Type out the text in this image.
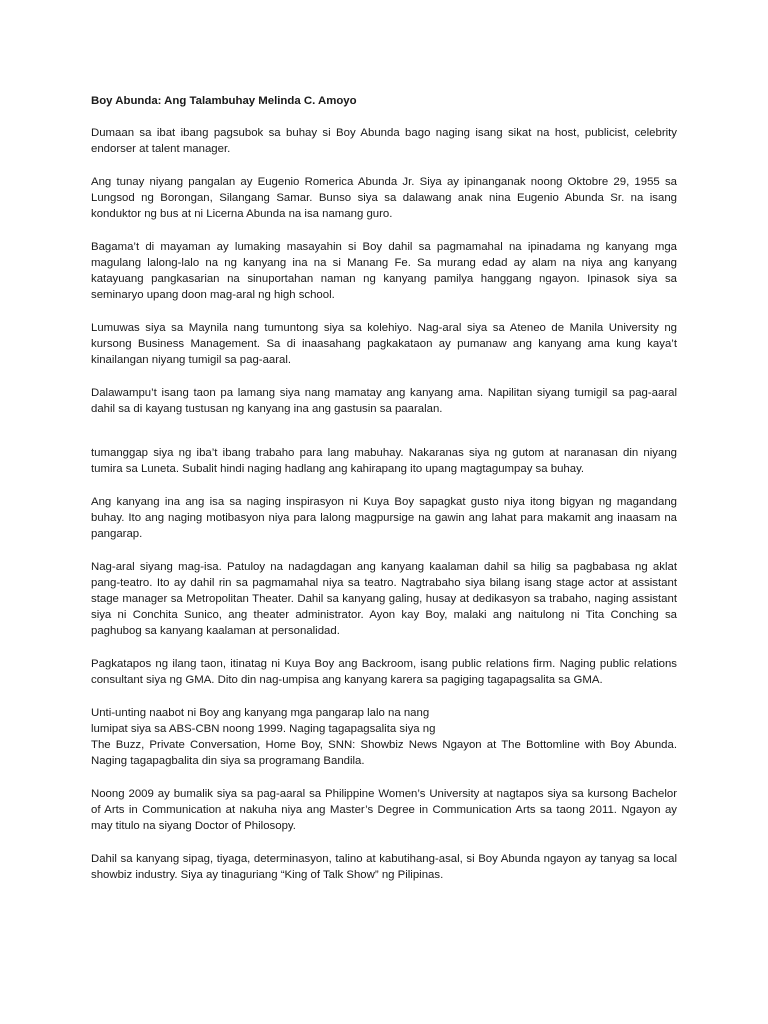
Boy Abunda: Ang Talambuhay Melinda C. Amoyo

Dumaan sa ibat ibang pagsubok sa buhay si Boy Abunda bago naging isang sikat na host, publicist, celebrity endorser at talent manager.

Ang tunay niyang pangalan ay Eugenio Romerica Abunda Jr. Siya ay ipinanganak noong Oktobre 29, 1955 sa Lungsod ng Borongan, Silangang Samar. Bunso siya sa dalawang anak nina Eugenio Abunda Sr. na isang konduktor ng bus at ni Licerna Abunda na isa namang guro.

Bagama’t di mayaman ay lumaking masayahin si Boy dahil sa pagmamahal na ipinadama ng kanyang mga magulang lalong-lalo na ng kanyang ina na si Manang Fe. Sa murang edad ay alam na niya ang kanyang katayuang pangkasarian na sinuportahan naman ng kanyang pamilya hanggang ngayon. Ipinasok siya sa seminaryo upang doon mag-aral ng high school.

Lumuwas siya sa Maynila nang tumuntong siya sa kolehiyo. Nag-aral siya sa Ateneo de Manila University ng kursong Business Management. Sa di inaasahang pagkakataon ay pumanaw ang kanyang ama kung kaya’t kinailangan niyang tumigil sa pag-aaral.

Dalawampu’t isang taon pa lamang siya nang mamatay ang kanyang ama. Napilitan siyang tumigil sa pag-aaral dahil sa di kayang tustusan ng kanyang ina ang gastusin sa paaralan.

tumanggap siya ng iba’t ibang trabaho para lang mabuhay. Nakaranas siya ng gutom at naranasan din niyang tumira sa Luneta. Subalit hindi naging hadlang ang kahirapang ito upang magtagumpay sa buhay.

Ang kanyang ina ang isa sa naging inspirasyon ni Kuya Boy sapagkat gusto niya itong bigyan ng magandang buhay. Ito ang naging motibasyon niya para lalong magpursige na gawin ang lahat para makamit ang inaasam na pangarap.

Nag-aral siyang mag-isa. Patuloy na nadagdagan ang kanyang kaalaman dahil sa hilig sa pagbabasa ng aklat pang-teatro. Ito ay dahil rin sa pagmamahal niya sa teatro. Nagtrabaho siya bilang isang stage actor at assistant stage manager sa Metropolitan Theater. Dahil sa kanyang galing, husay at dedikasyon sa trabaho, naging assistant siya ni Conchita Sunico, ang theater administrator. Ayon kay Boy, malaki ang naitulong ni Tita Conching sa paghubog sa kanyang kaalaman at personalidad.

Pagkatapos ng ilang taon, itinatag ni Kuya Boy ang Backroom, isang public relations firm. Naging public relations consultant siya ng GMA. Dito din nag-umpisa ang kanyang karera sa pagiging tagapagsalita sa GMA.

Unti-unting naabot ni Boy ang kanyang mga pangarap lalo na nang
lumipat siya sa ABS-CBN noong 1999. Naging tagapagsalita siya ng
The Buzz, Private Conversation, Home Boy, SNN: Showbiz News Ngayon at The Bottomline with Boy Abunda. Naging tagapagbalita din siya sa programang Bandila.

Noong 2009 ay bumalik siya sa pag-aaral sa Philippine Women’s University at nagtapos siya sa kursong Bachelor of Arts in Communication at nakuha niya ang Master’s Degree in Communication Arts sa taong 2011. Ngayon ay may titulo na siyang Doctor of Philosopy.

Dahil sa kanyang sipag, tiyaga, determinasyon, talino at kabutihang-asal, si Boy Abunda ngayon ay tanyag sa local showbiz industry. Siya ay tinaguriang “King of Talk Show” ng Pilipinas.
